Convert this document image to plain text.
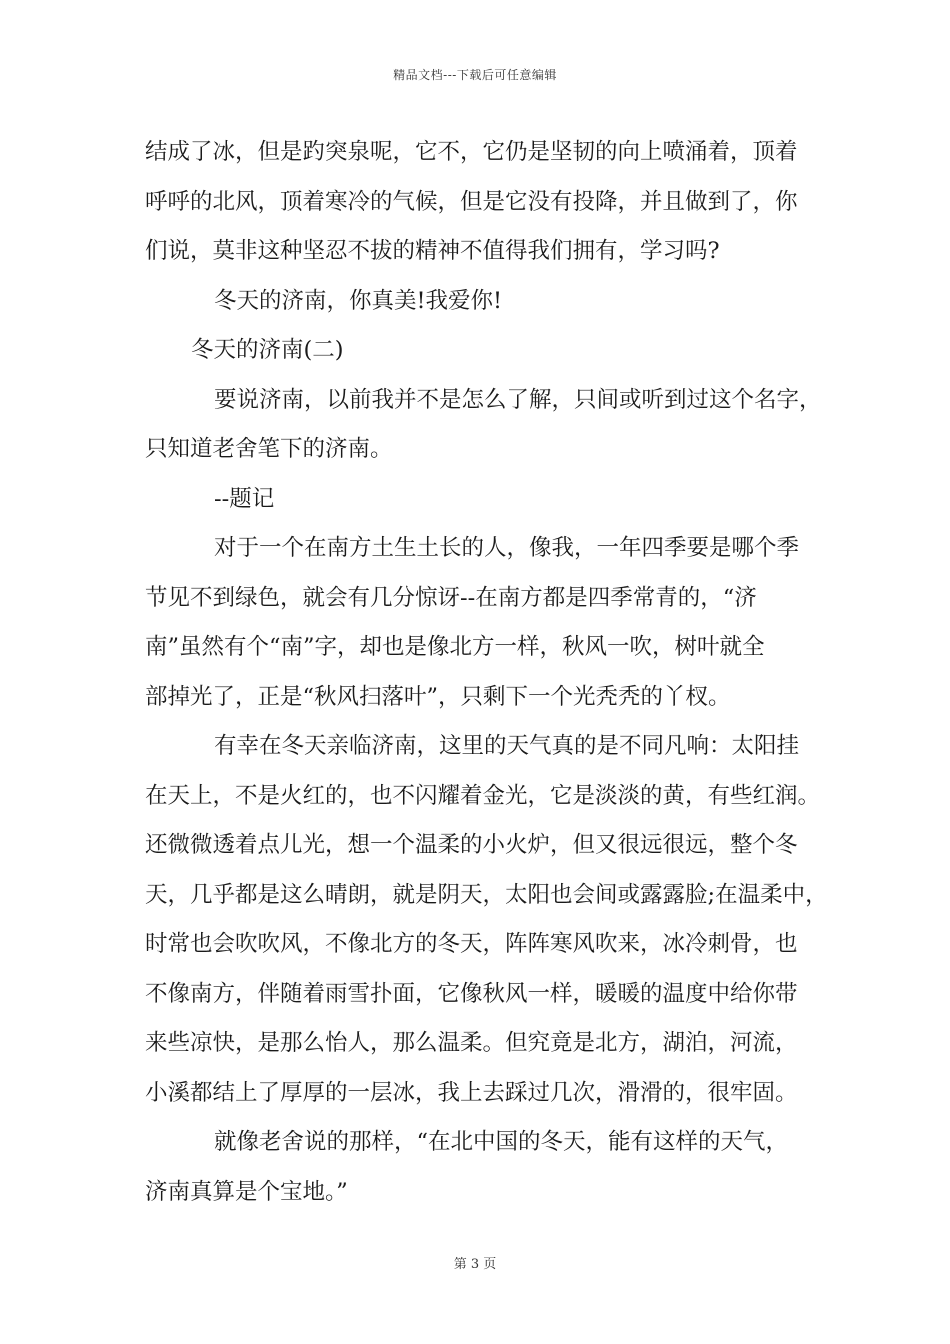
精品文档---下载后可任意编辑
结成了冰，但是趵突泉呢，它不，它仍是坚韧的向上喷涌着，顶着
呼呼的北风，顶着寒冷的气候，但是它没有投降，并且做到了，你
们说，莫非这种坚忍不拔的精神不值得我们拥有，学习吗?
冬天的济南，你真美!我爱你!
冬天的济南(二)
要说济南，以前我并不是怎么了解，只间或听到过这个名字，
只知道老舍笔下的济南。
--题记
对于一个在南方土生土长的人，像我，一年四季要是哪个季
节见不到绿色，就会有几分惊讶--在南方都是四季常青的，“济
南”虽然有个“南”字，却也是像北方一样，秋风一吹，树叶就全
部掉光了，正是“秋风扫落叶”，只剩下一个光秃秃的丫杈。
有幸在冬天亲临济南，这里的天气真的是不同凡响：太阳挂
在天上，不是火红的，也不闪耀着金光，它是淡淡的黄，有些红润。
还微微透着点儿光，想一个温柔的小火炉，但又很远很远，整个冬
天，几乎都是这么晴朗，就是阴天，太阳也会间或露露脸;在温柔中，
时常也会吹吹风，不像北方的冬天，阵阵寒风吹来，冰冷刺骨，也
不像南方，伴随着雨雪扑面，它像秋风一样，暖暖的温度中给你带
来些凉快，是那么怡人，那么温柔。但究竟是北方，湖泊，河流，
小溪都结上了厚厚的一层冰，我上去踩过几次，滑滑的，很牢固。
就像老舍说的那样，“在北中国的冬天，能有这样的天气，
济南真算是个宝地。”
第 3 页
